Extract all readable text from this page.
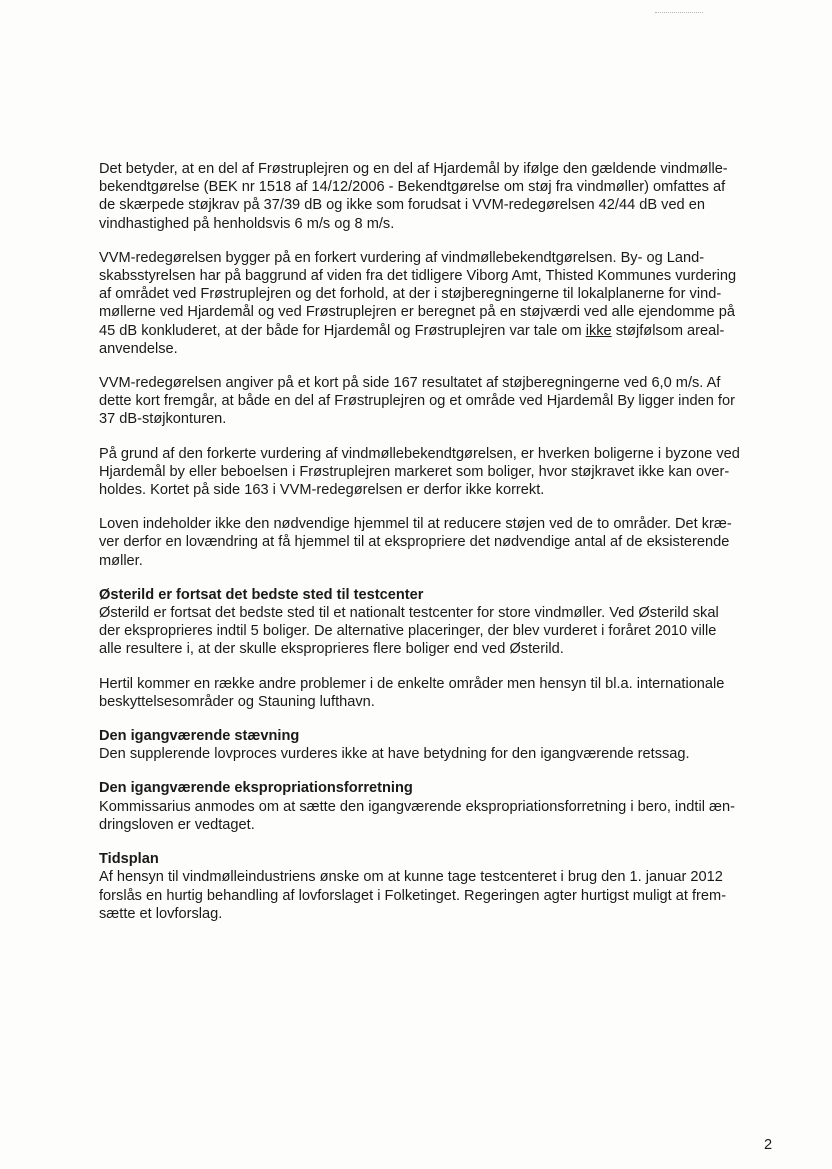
Det betyder, at en del af Frøstruplejren og en del af Hjardemål by ifølge den gældende vindmølle-
bekendtgørelse (BEK nr 1518 af 14/12/2006 - Bekendtgørelse om støj fra vindmøller) omfattes af
de skærpede støjkrav på 37/39 dB og ikke som forudsat i VVM-redegørelsen 42/44 dB ved en
vindhastighed på henholdsvis 6 m/s og 8 m/s.
VVM-redegørelsen bygger på en forkert vurdering af vindmøllebekendtgørelsen. By- og Land-
skabsstyrelsen har på baggrund af viden fra det tidligere Viborg Amt, Thisted Kommunes vurdering
af området ved Frøstruplejren og det forhold, at der i støjberegningerne til lokalplanerne for vind-
møllerne ved Hjardemål og ved Frøstruplejren er beregnet på en støjværdi ved alle ejendomme på
45 dB konkluderet, at der både for Hjardemål og Frøstruplejren var tale om ikke støjfølsom areal-
anvendelse.
VVM-redegørelsen angiver på et kort på side 167 resultatet af støjberegningerne ved 6,0 m/s. Af
dette kort fremgår, at både en del af Frøstruplejren og et område ved Hjardemål By ligger inden for
37 dB-støjkonturen.
På grund af den forkerte vurdering af vindmøllebekendtgørelsen, er hverken boligerne i byzone ved
Hjardemål by eller beboelsen i Frøstruplejren markeret som boliger, hvor støjkravet ikke kan over-
holdes. Kortet på side 163 i VVM-redegørelsen er derfor ikke korrekt.
Loven indeholder ikke den nødvendige hjemmel til at reducere støjen ved de to områder. Det kræ-
ver derfor en lovændring at få hjemmel til at ekspropriere det nødvendige antal af de eksisterende
møller.
Østerild er fortsat det bedste sted til testcenter
Østerild er fortsat det bedste sted til et nationalt testcenter for store vindmøller. Ved Østerild skal
der eksproprieres indtil 5 boliger. De alternative placeringer, der blev vurderet i foråret 2010 ville
alle resultere i, at der skulle eksproprieres flere boliger end ved Østerild.
Hertil kommer en række andre problemer i de enkelte områder men hensyn til bl.a. internationale
beskyttelsesområder og Stauning lufthavn.
Den igangværende stævning
Den supplerende lovproces vurderes ikke at have betydning for den igangværende retssag.
Den igangværende ekspropriationsforretning
Kommissarius anmodes om at sætte den igangværende ekspropriationsforretning i bero, indtil æn-
dringsloven er vedtaget.
Tidsplan
Af hensyn til vindmølleindustriens ønske om at kunne tage testcenteret i brug den 1. januar 2012
forslås en hurtig behandling af lovforslaget i Folketinget. Regeringen agter hurtigst muligt at frem-
sætte et lovforslag.
2
